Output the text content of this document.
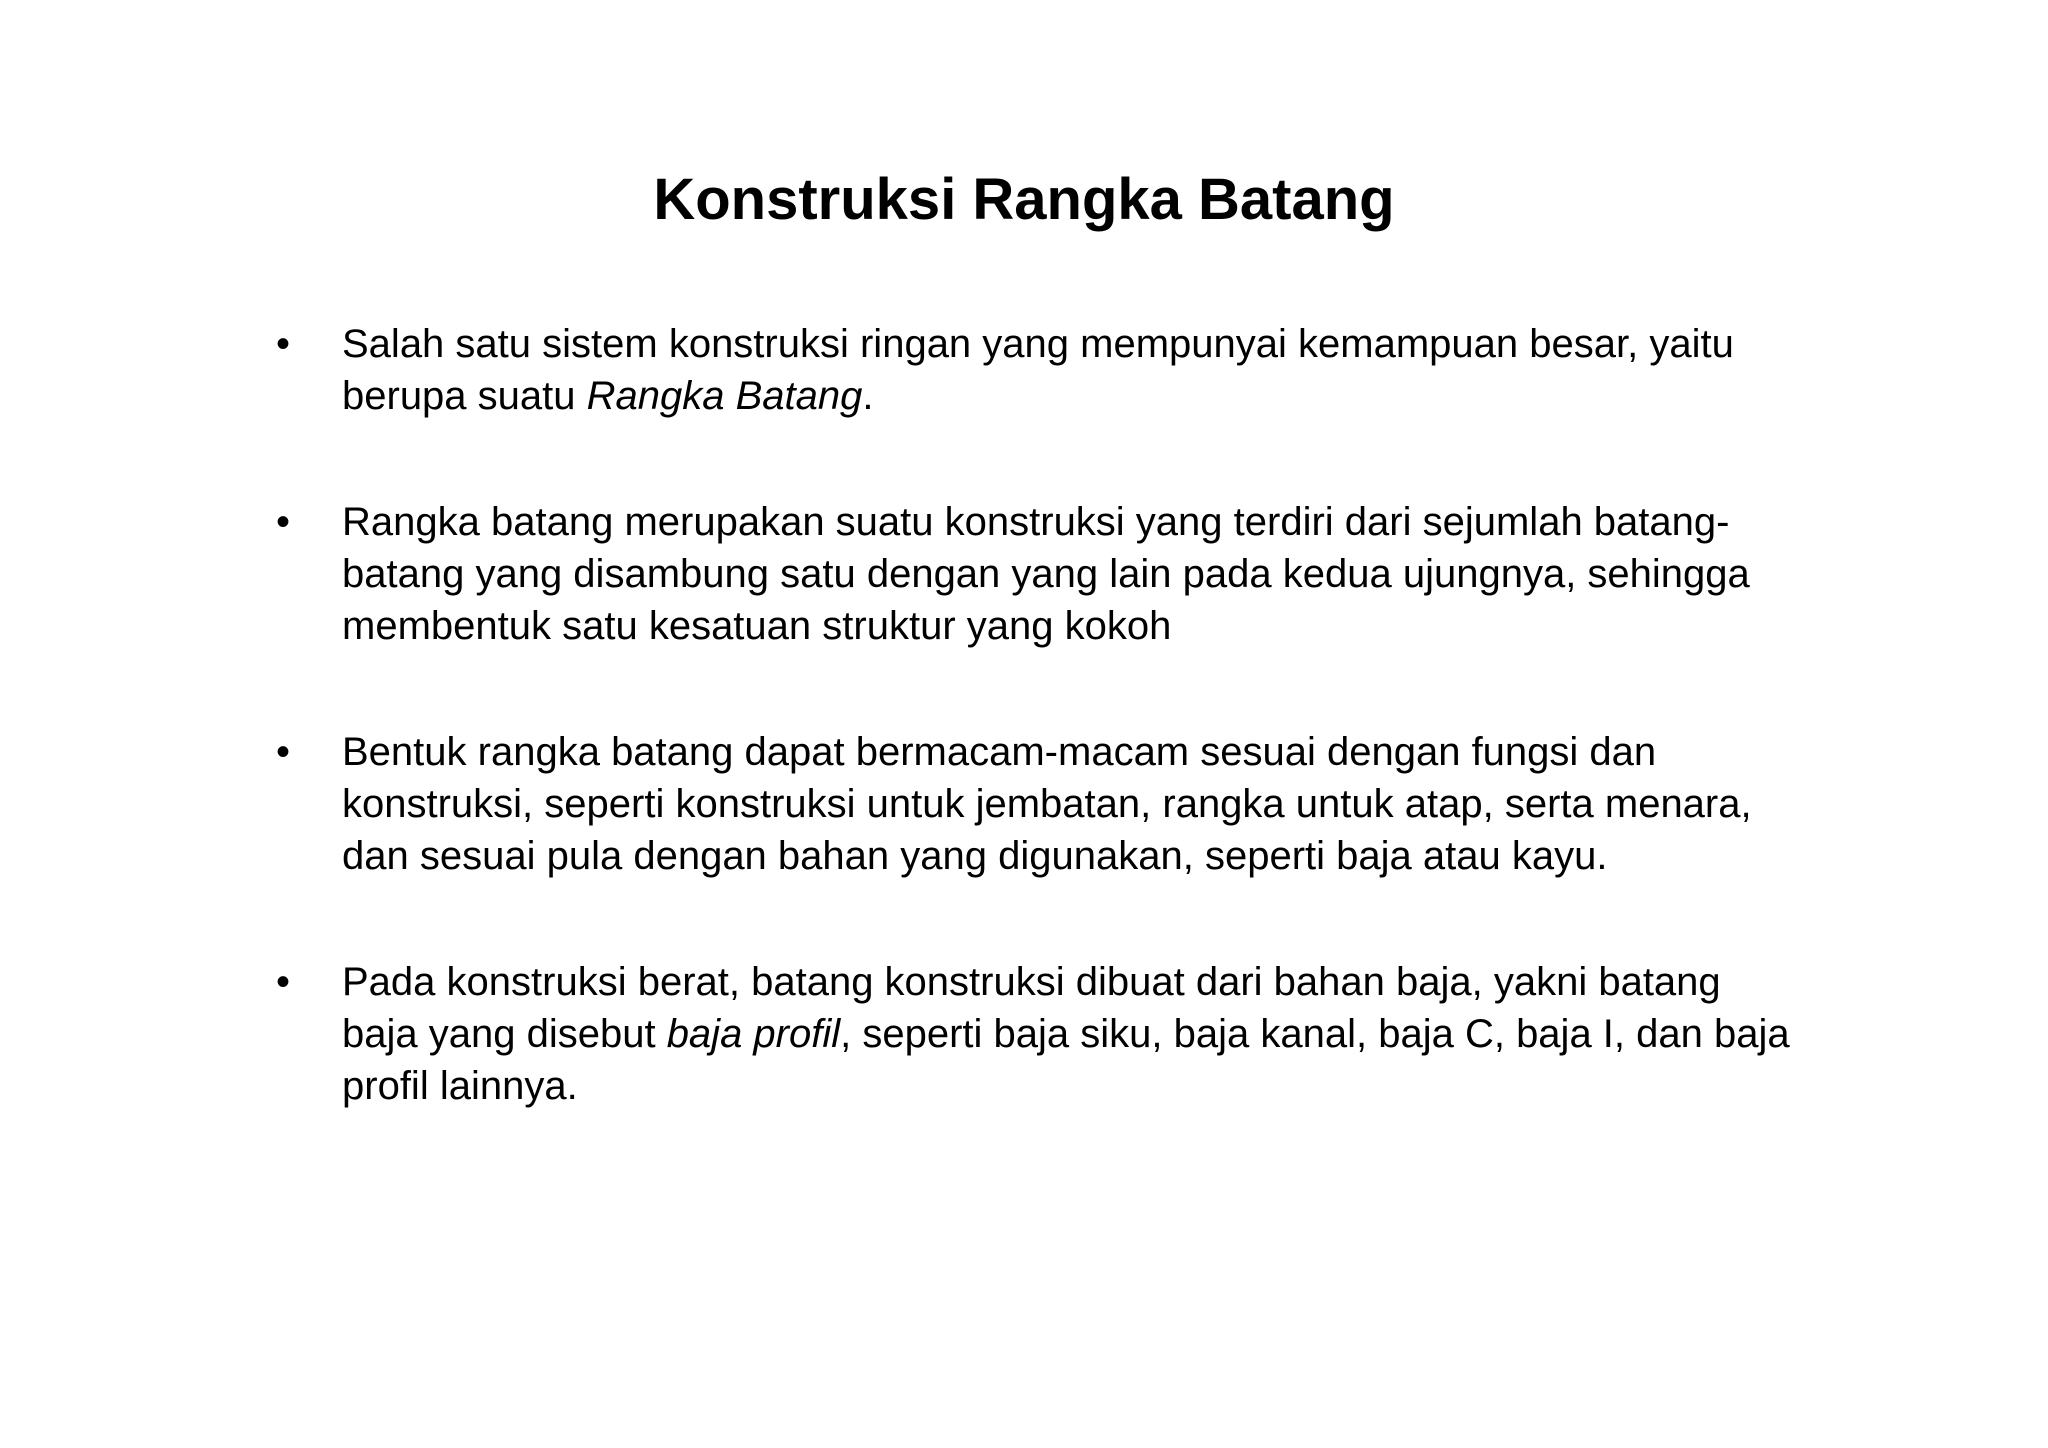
Konstruksi Rangka Batang
• Salah satu sistem konstruksi ringan yang mempunyai kemampuan besar, yaitu berupa suatu Rangka Batang.
• Rangka batang merupakan suatu konstruksi yang terdiri dari sejumlah batang-batang yang disambung satu dengan yang lain pada kedua ujungnya, sehingga membentuk satu kesatuan struktur yang kokoh
• Bentuk rangka batang dapat bermacam-macam sesuai dengan fungsi dan konstruksi, seperti konstruksi untuk jembatan, rangka untuk atap, serta menara, dan sesuai pula dengan bahan yang digunakan, seperti baja atau kayu.
• Pada konstruksi berat, batang konstruksi dibuat dari bahan baja, yakni batang baja yang disebut baja profil, seperti baja siku, baja kanal, baja C, baja I, dan baja profil lainnya.
